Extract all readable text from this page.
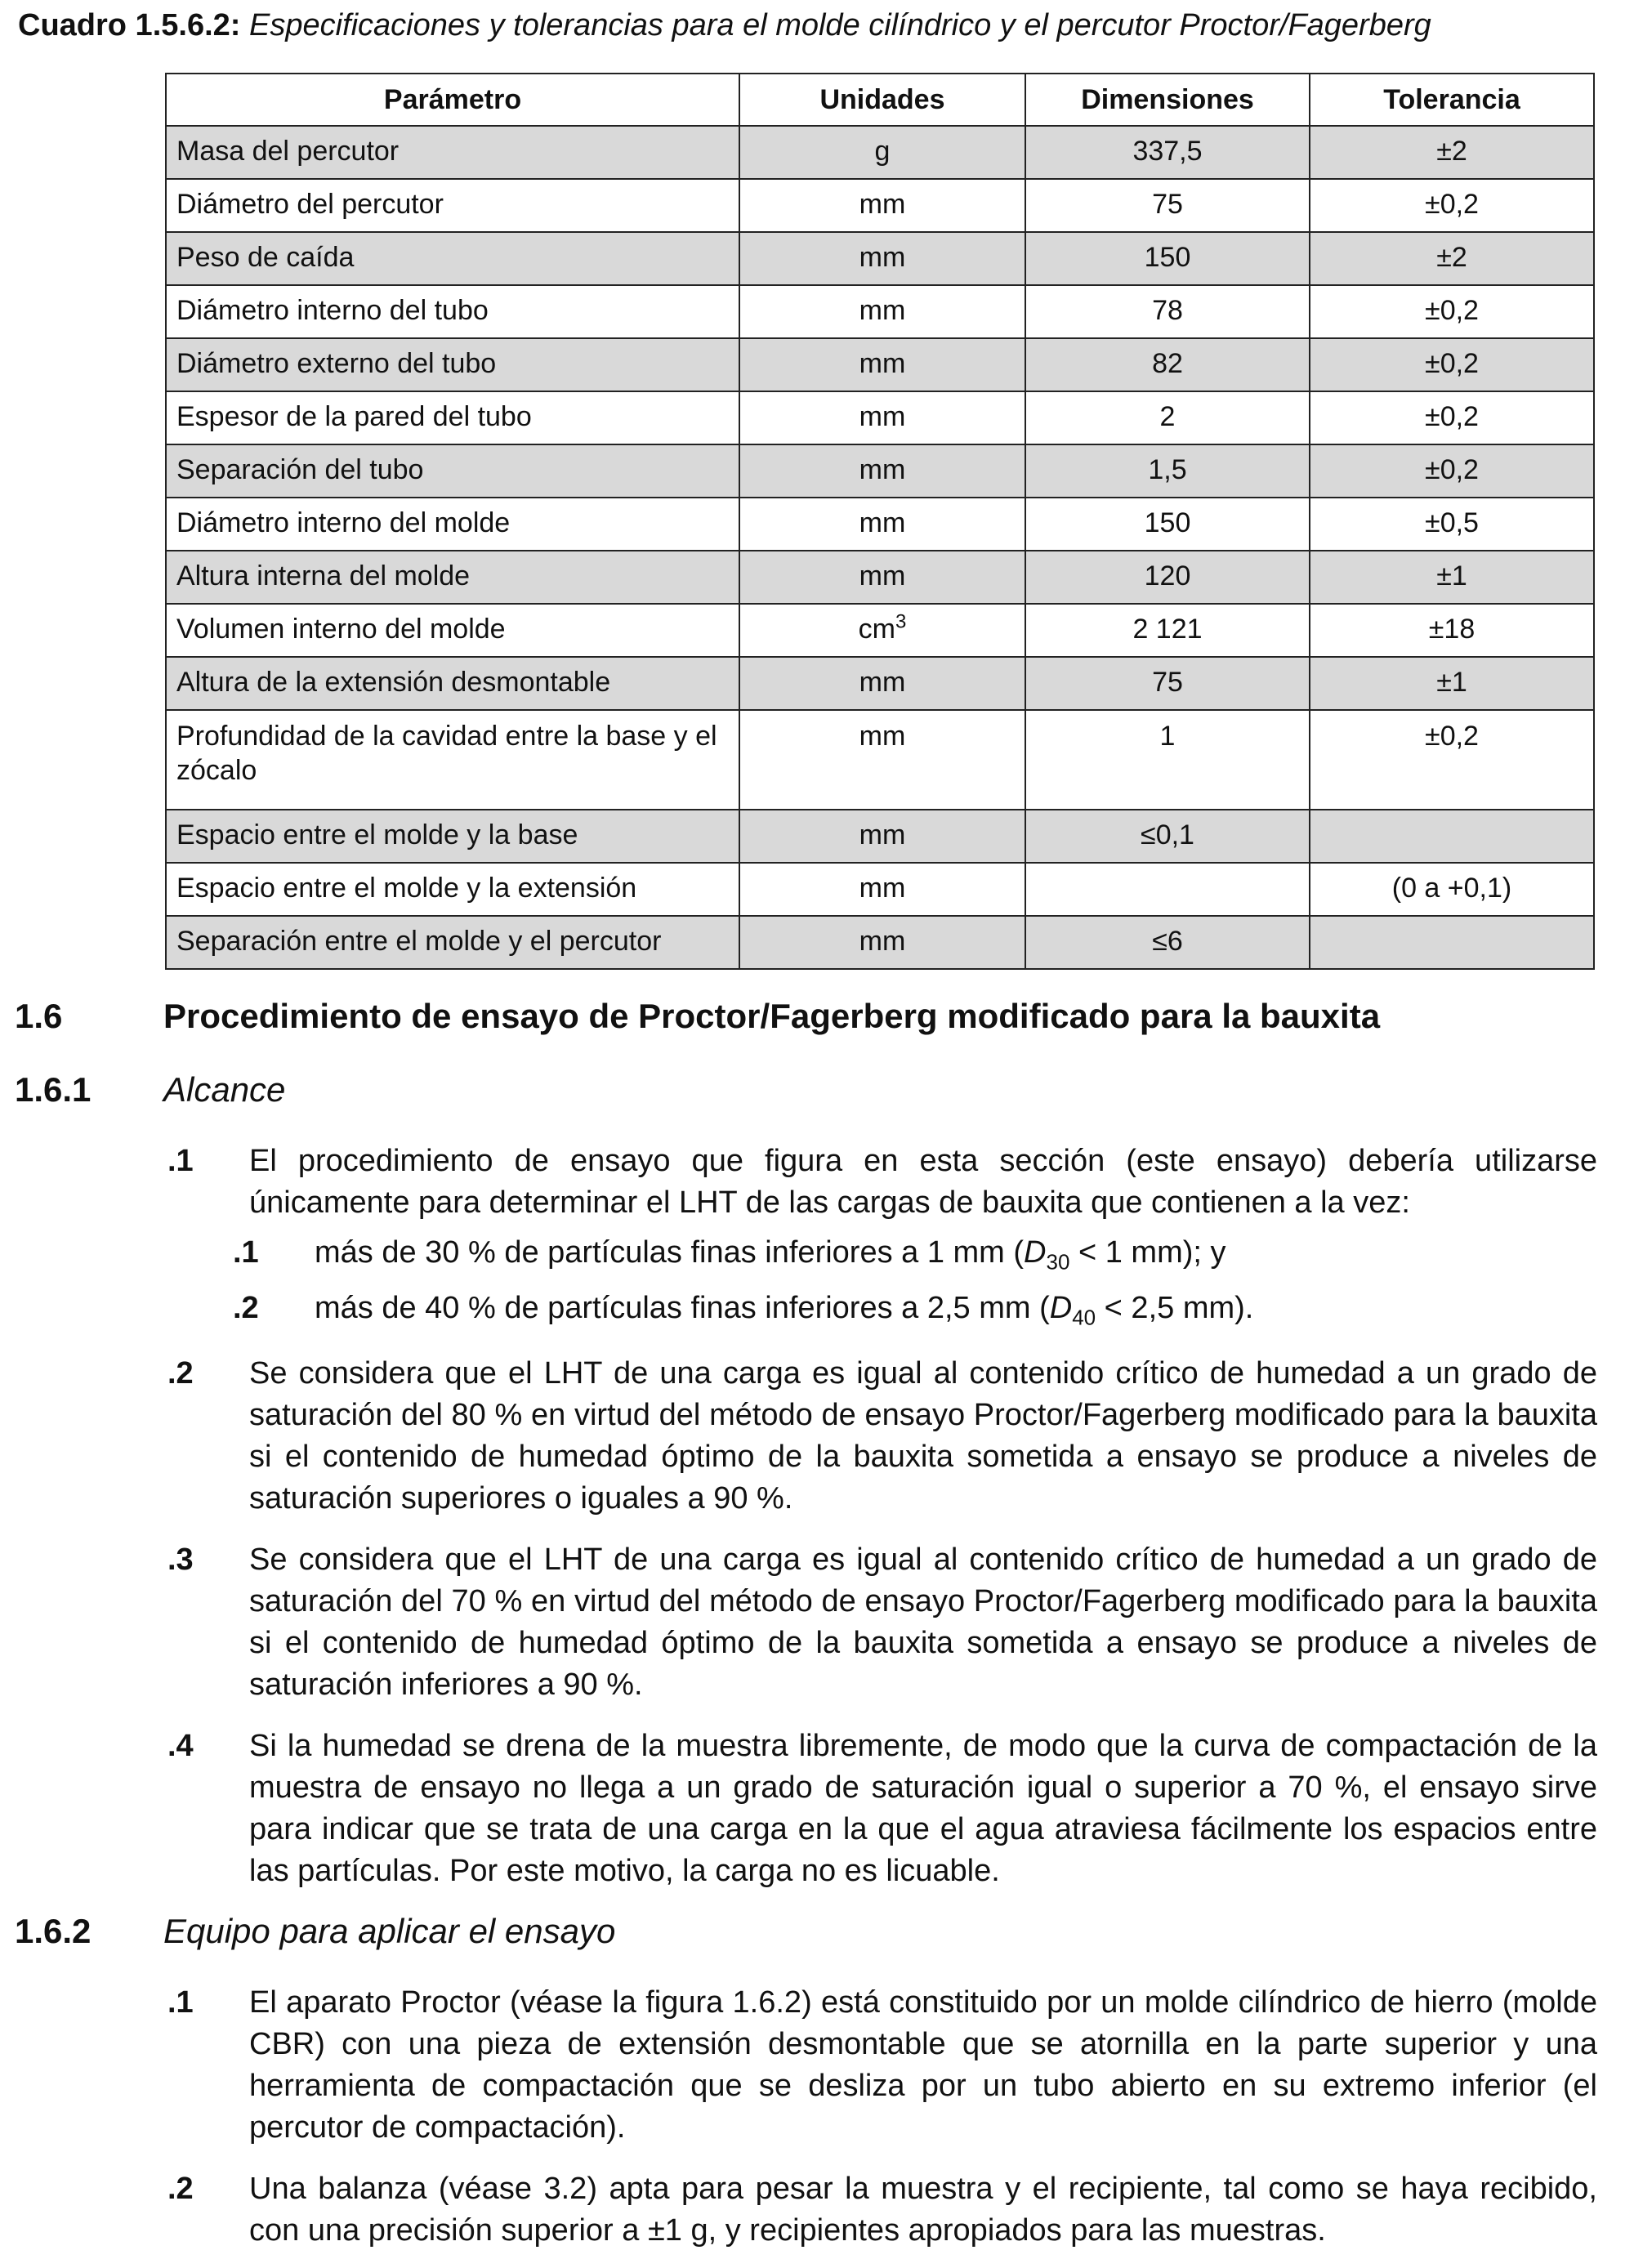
Cuadro 1.5.6.2: Especificaciones y tolerancias para el molde cilíndrico y el percutor Proctor/Fagerberg
Parámetro	Unidades	Dimensiones	Tolerancia
Masa del percutor	g	337,5	±2
Diámetro del percutor	mm	75	±0,2
Peso de caída	mm	150	±2
Diámetro interno del tubo	mm	78	±0,2
Diámetro externo del tubo	mm	82	±0,2
Espesor de la pared del tubo	mm	2	±0,2
Separación del tubo	mm	1,5	±0,2
Diámetro interno del molde	mm	150	±0,5
Altura interna del molde	mm	120	±1
Volumen interno del molde	$cm^3$	2 121	±18
Altura de la extensión desmontable	mm	75	±1
Profundidad de la cavidad entre la base y el zócalo	mm	1	±0,2
Espacio entre el molde y la base	mm	≤0,1	
Espacio entre el molde y la extensión	mm		(0 a +0,1)
Separación entre el molde y el percutor	mm	≤6	
1.6	Procedimiento de ensayo de Proctor/Fagerberg modificado para la bauxita
1.6.1 Alcance
.1 El procedimiento de ensayo que figura en esta sección (este ensayo) debería utilizarse únicamente para determinar el LHT de las cargas de bauxita que contienen a la vez:
.1 más de 30 % de partículas finas inferiores a 1 mm ($D_{30} < 1$ mm); y
.2 más de 40 % de partículas finas inferiores a 2,5 mm ($D_{40} < 2,5$ mm).
.2 Se considera que el LHT de una carga es igual al contenido crítico de humedad a un grado de saturación del 80 % en virtud del método de ensayo Proctor/Fagerberg modificado para la bauxita si el contenido de humedad óptimo de la bauxita sometida a ensayo se produce a niveles de saturación superiores o iguales a 90 %.
.3 Se considera que el LHT de una carga es igual al contenido crítico de humedad a un grado de saturación del 70 % en virtud del método de ensayo Proctor/Fagerberg modificado para la bauxita si el contenido de humedad óptimo de la bauxita sometida a ensayo se produce a niveles de saturación inferiores a 90 %.
.4 Si la humedad se drena de la muestra libremente, de modo que la curva de compactación de la muestra de ensayo no llega a un grado de saturación igual o superior a 70 %, el ensayo sirve para indicar que se trata de una carga en la que el agua atraviesa fácilmente los espacios entre las partículas. Por este motivo, la carga no es licuable.
1.6.2 Equipo para aplicar el ensayo
.1 El aparato Proctor (véase la figura 1.6.2) está constituido por un molde cilíndrico de hierro (molde CBR) con una pieza de extensión desmontable que se atornilla en la parte superior y una herramienta de compactación que se desliza por un tubo abierto en su extremo inferior (el percutor de compactación).
.2 Una balanza (véase 3.2) apta para pesar la muestra y el recipiente, tal como se haya recibido, con una precisión superior a ±1 g, y recipientes apropiados para las muestras.
